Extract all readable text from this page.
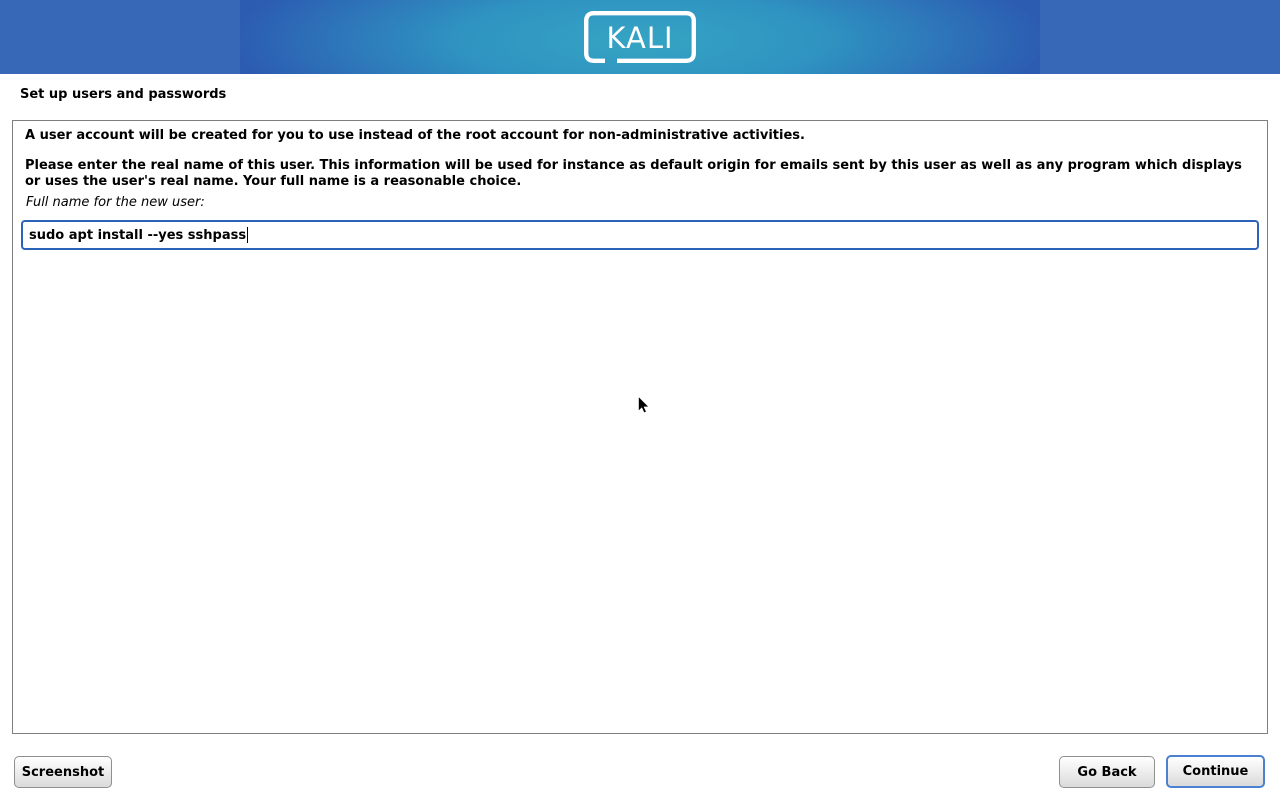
KALI
Set up users and passwords

A user account will be created for you to use instead of the root account for non-administrative activities.

Please enter the real name of this user. This information will be used for instance as default origin for emails sent by this user as well as any program which displays or uses the user's real name. Your full name is a reasonable choice.

Full name for the new user:

sudo apt install --yes sshpass
Screenshot	Go Back	Continue
